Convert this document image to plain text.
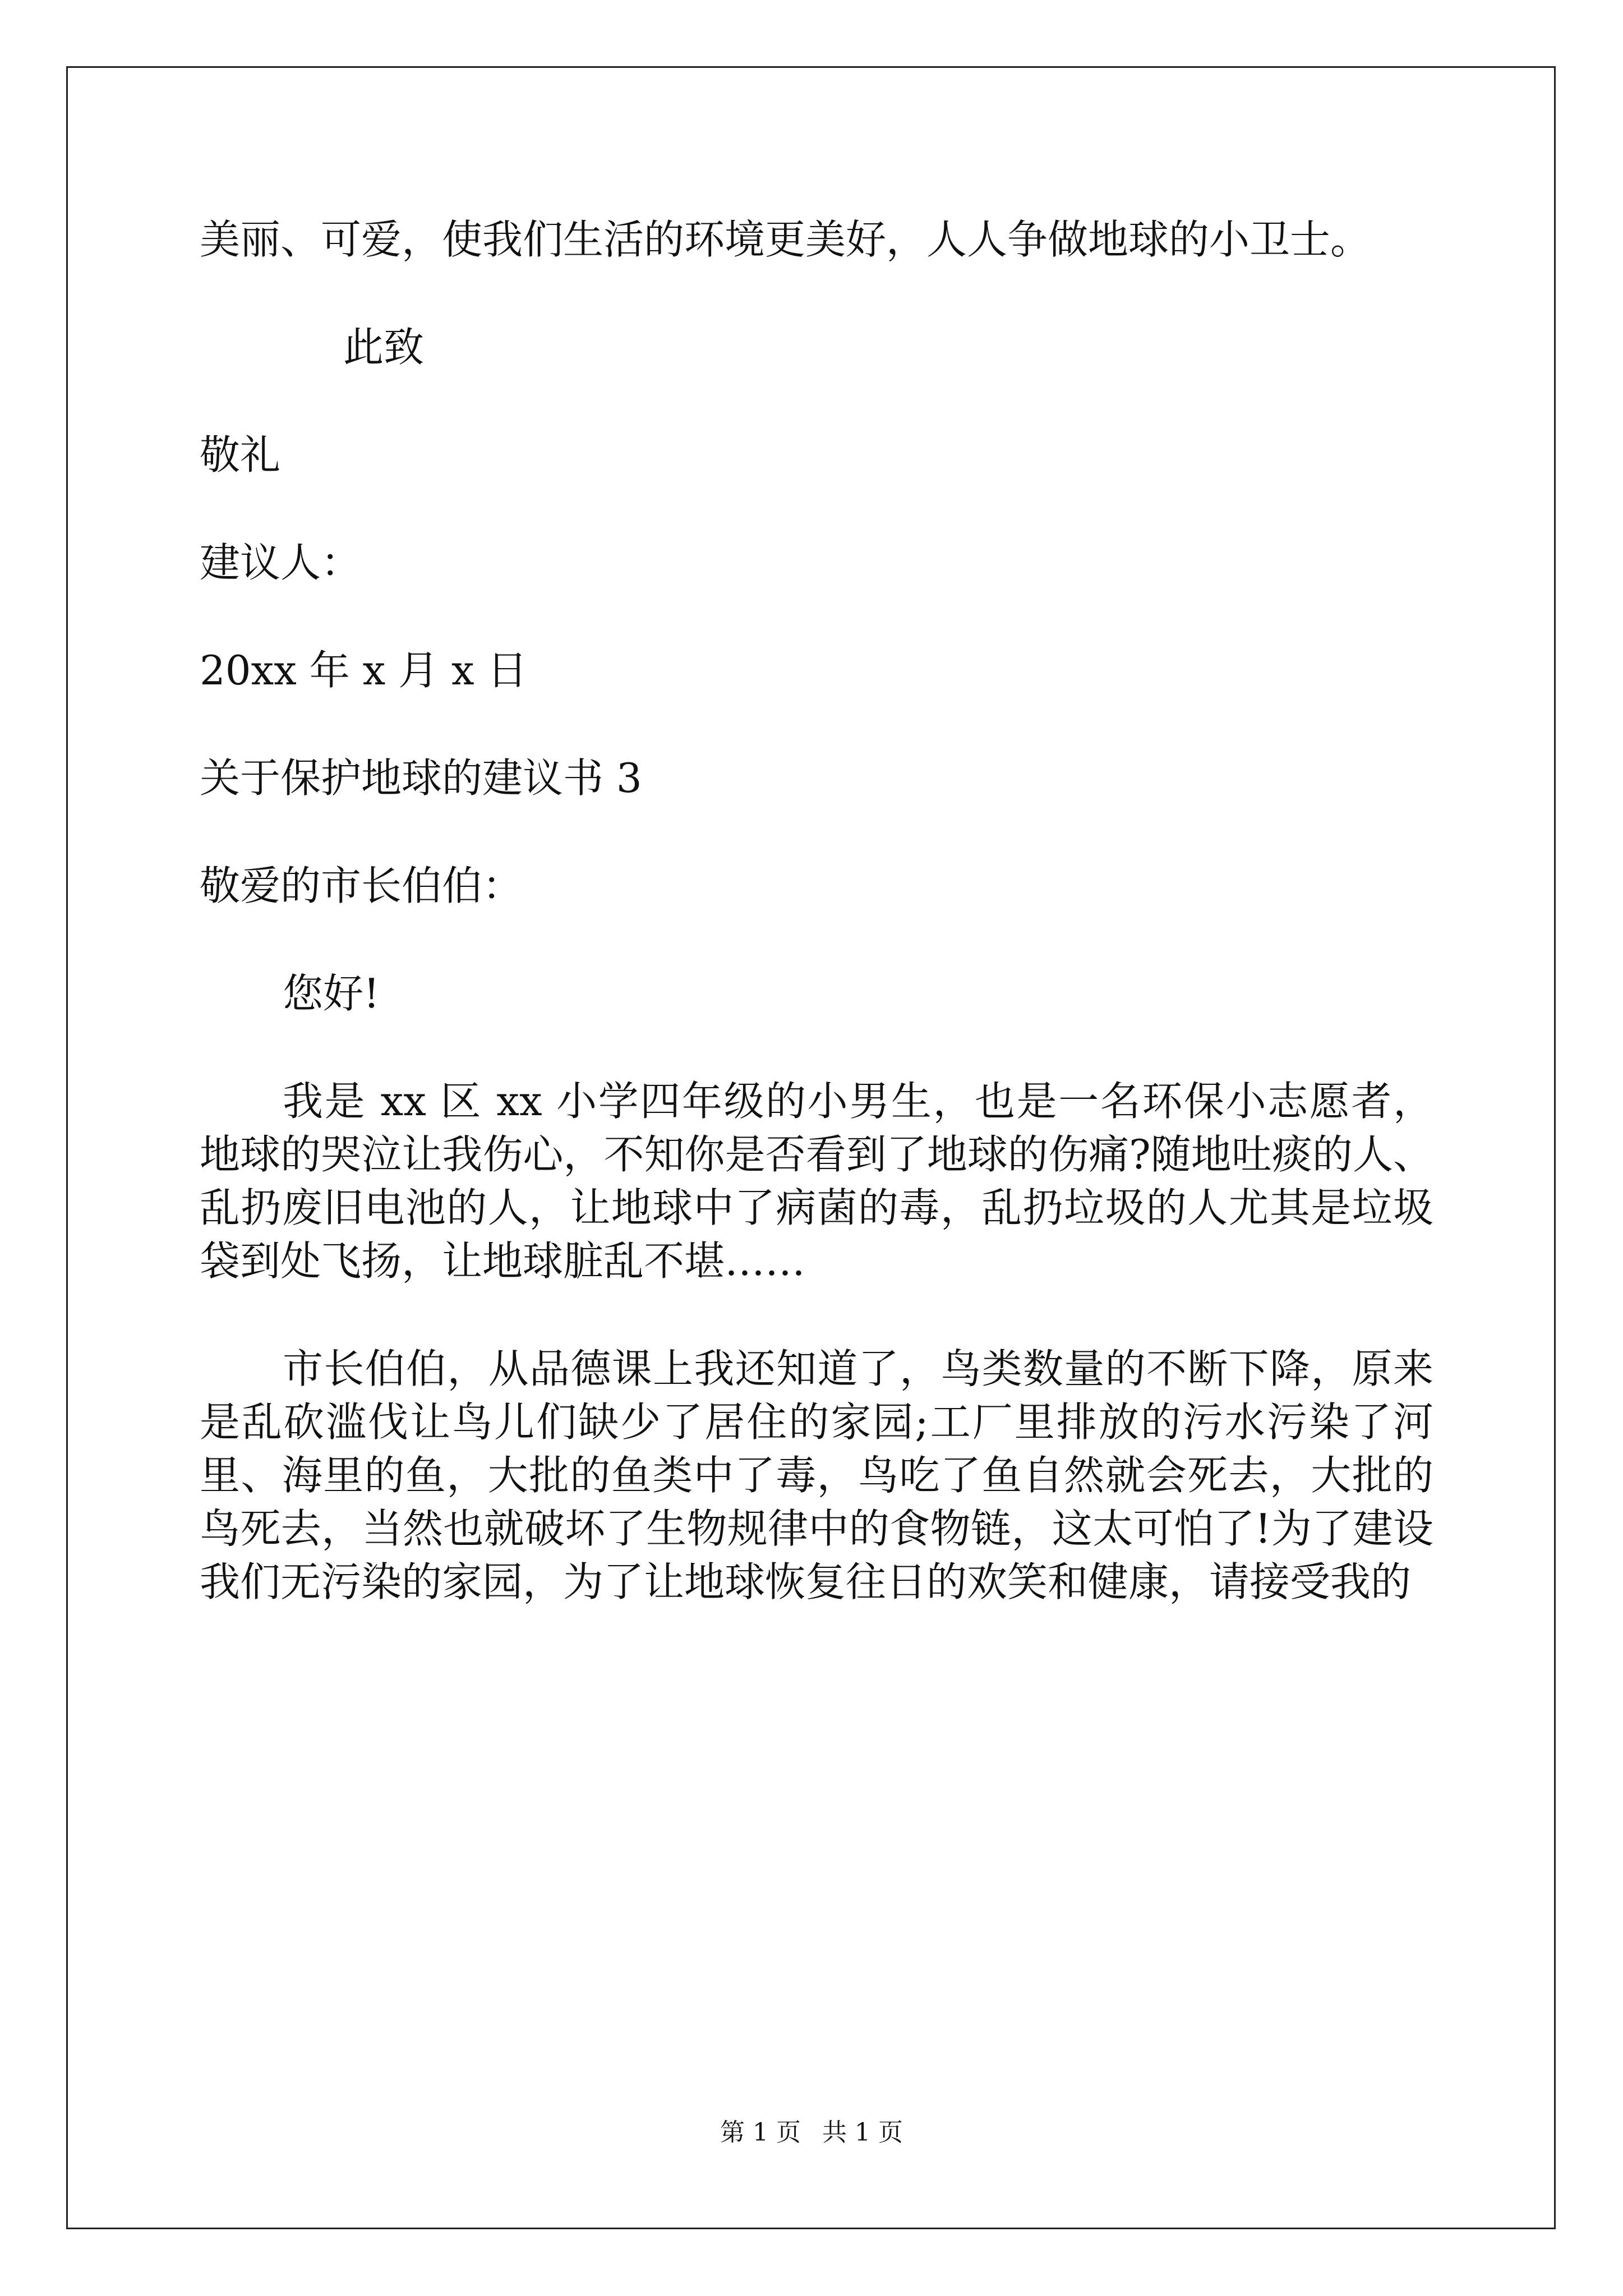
美丽、可爱，使我们生活的环境更美好，人人争做地球的小卫士。

此致

敬礼

建议人：

20xx 年 x 月 x 日

关于保护地球的建议书 3

敬爱的市长伯伯：

您好!

我是 xx 区 xx 小学四年级的小男生，也是一名环保小志愿者，地球的哭泣让我伤心，不知你是否看到了地球的伤痛?随地吐痰的人、乱扔废旧电池的人，让地球中了病菌的毒，乱扔垃圾的人尤其是垃圾袋到处飞扬，让地球脏乱不堪……

市长伯伯，从品德课上我还知道了，鸟类数量的不断下降，原来是乱砍滥伐让鸟儿们缺少了居住的家园;工厂里排放的污水污染了河里、海里的鱼，大批的鱼类中了毒，鸟吃了鱼自然就会死去，大批的鸟死去，当然也就破坏了生物规律中的食物链，这太可怕了!为了建设我们无污染的家园，为了让地球恢复往日的欢笑和健康，请接受我的

第 1 页 共 1 页
